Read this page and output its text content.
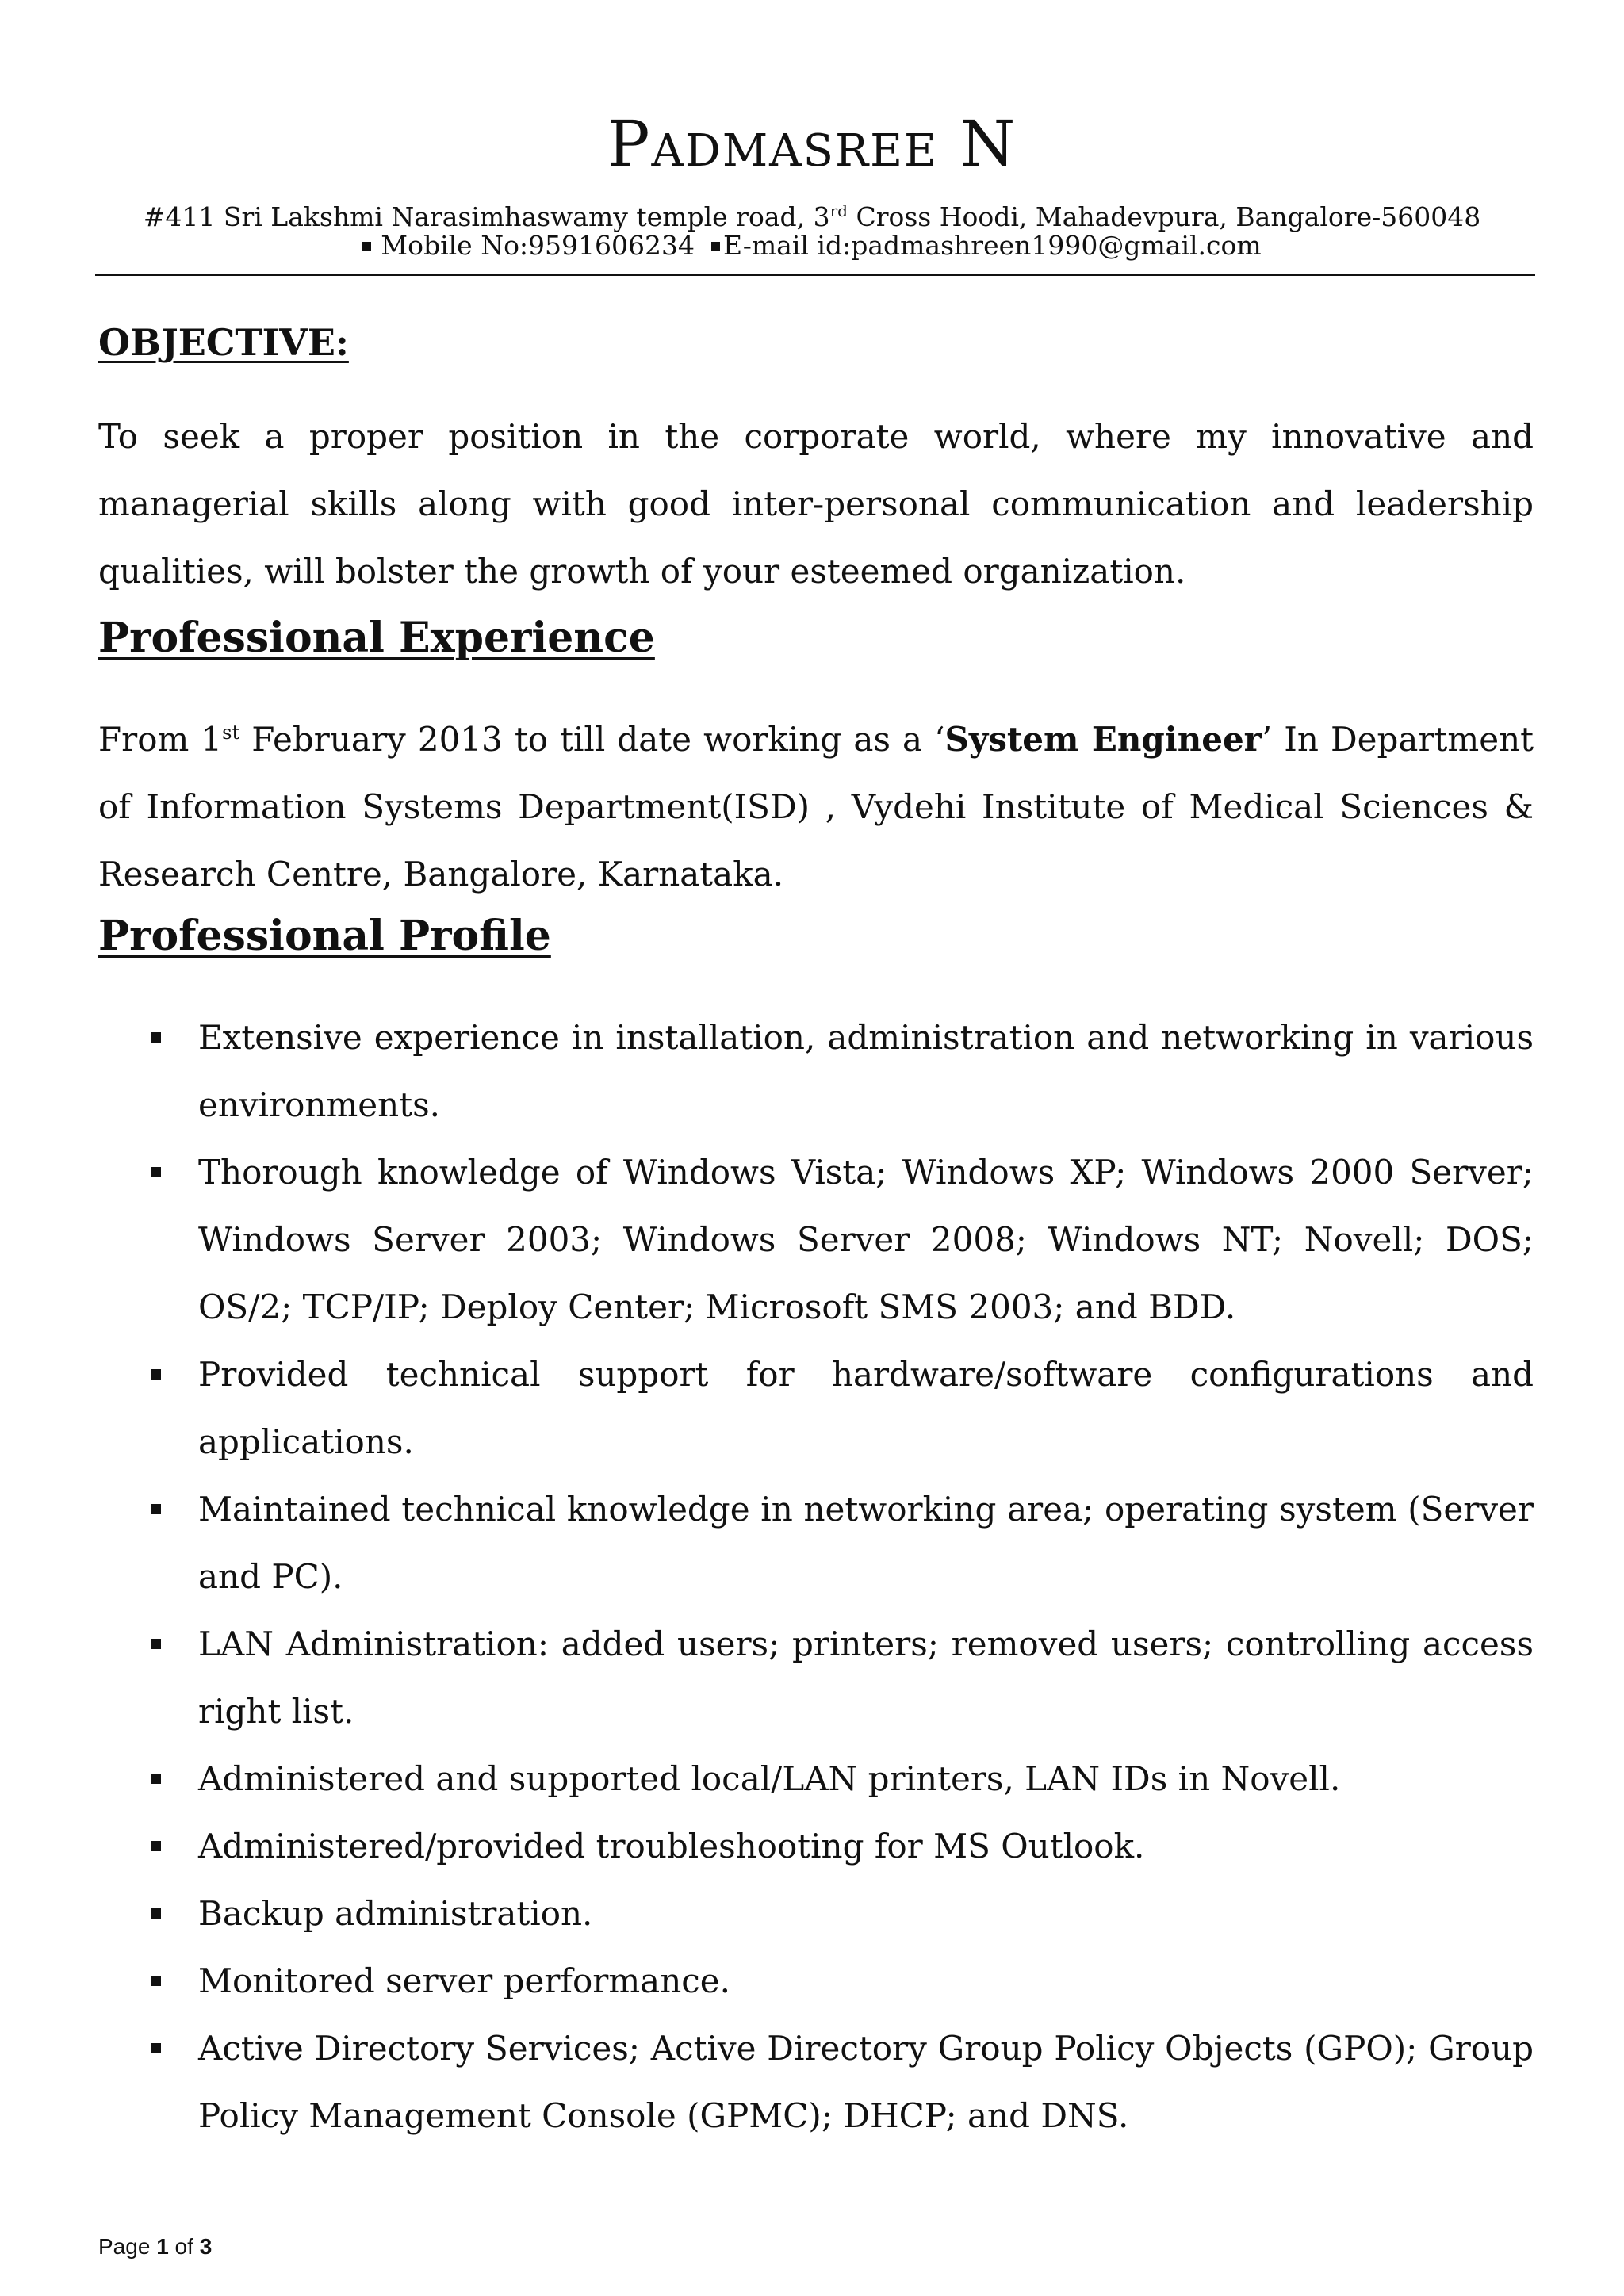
Padmasree N
#411 Sri Lakshmi Narasimhaswamy temple road, 3rd Cross Hoodi, Mahadevpura, Bangalore-560048
Mobile No:9591606234 E-mail id:padmashreen1990@gmail.com
OBJECTIVE:

To seek a proper position in the corporate world, where my innovative and managerial skills along with good inter-personal communication and leadership qualities, will bolster the growth of your esteemed organization.

Professional Experience

From 1st February 2013 to till date working as a ‘System Engineer’ In Department of Information Systems Department(ISD) , Vydehi Institute of Medical Sciences & Research Centre, Bangalore, Karnataka.

Professional Profile
Extensive experience in installation, administration and networking in various environments.
Thorough knowledge of Windows Vista; Windows XP; Windows 2000 Server; Windows Server 2003; Windows Server 2008; Windows NT; Novell; DOS; OS/2; TCP/IP; Deploy Center; Microsoft SMS 2003; and BDD.
Provided technical support for hardware/software configurations and applications.
Maintained technical knowledge in networking area; operating system (Server and PC).
LAN Administration: added users; printers; removed users; controlling access right list.
Administered and supported local/LAN printers, LAN IDs in Novell.
Administered/provided troubleshooting for MS Outlook.
Backup administration.
Monitored server performance.
Active Directory Services; Active Directory Group Policy Objects (GPO); Group Policy Management Console (GPMC); DHCP; and DNS.
Page 1 of 3
